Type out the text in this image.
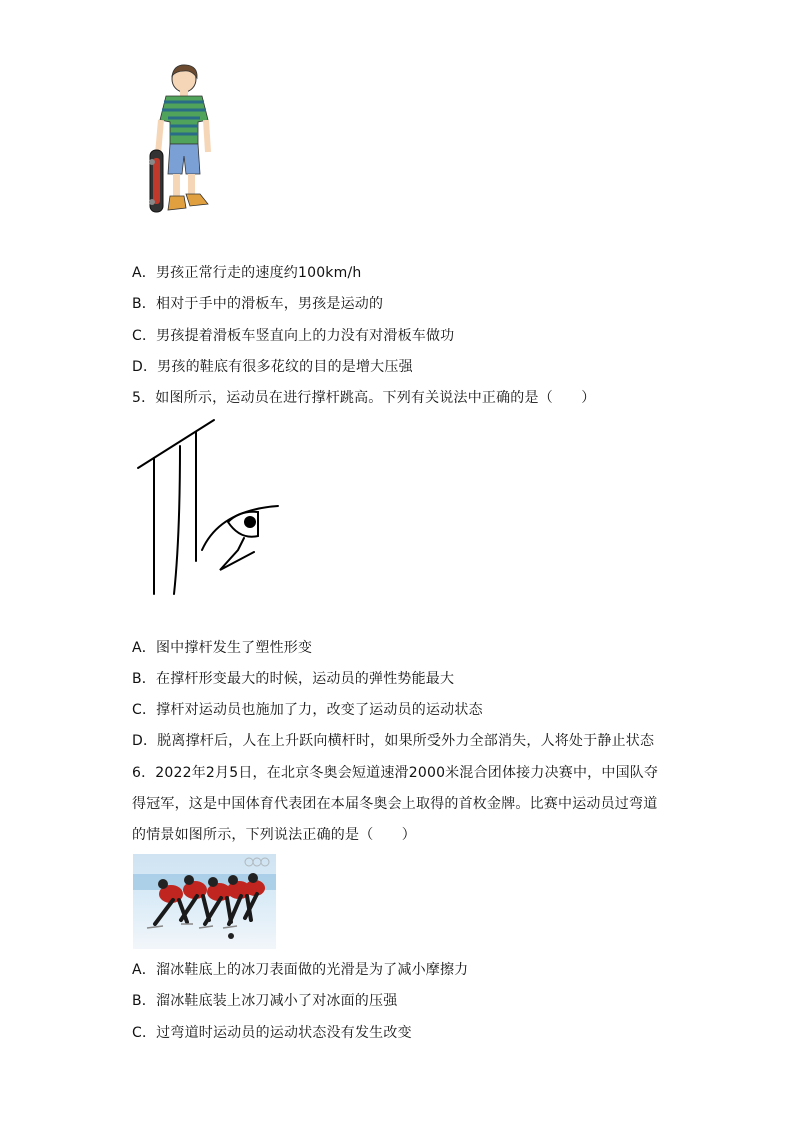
A．男孩正常行走的速度约100km/h
B．相对于手中的滑板车，男孩是运动的
C．男孩提着滑板车竖直向上的力没有对滑板车做功
D．男孩的鞋底有很多花纹的目的是增大压强
5．如图所示，运动员在进行撑杆跳高。下列有关说法中正确的是（　　）
A．图中撑杆发生了塑性形变
B．在撑杆形变最大的时候，运动员的弹性势能最大
C．撑杆对运动员也施加了力，改变了运动员的运动状态
D．脱离撑杆后，人在上升跃向横杆时，如果所受外力全部消失，人将处于静止状态
6．2022年2月5日，在北京冬奥会短道速滑2000米混合团体接力决赛中，中国队夺
得冠军，这是中国体育代表团在本届冬奥会上取得的首枚金牌。比赛中运动员过弯道
的情景如图所示，下列说法正确的是（　　）
A．溜冰鞋底上的冰刀表面做的光滑是为了减小摩擦力
B．溜冰鞋底装上冰刀减小了对冰面的压强
C．过弯道时运动员的运动状态没有发生改变
